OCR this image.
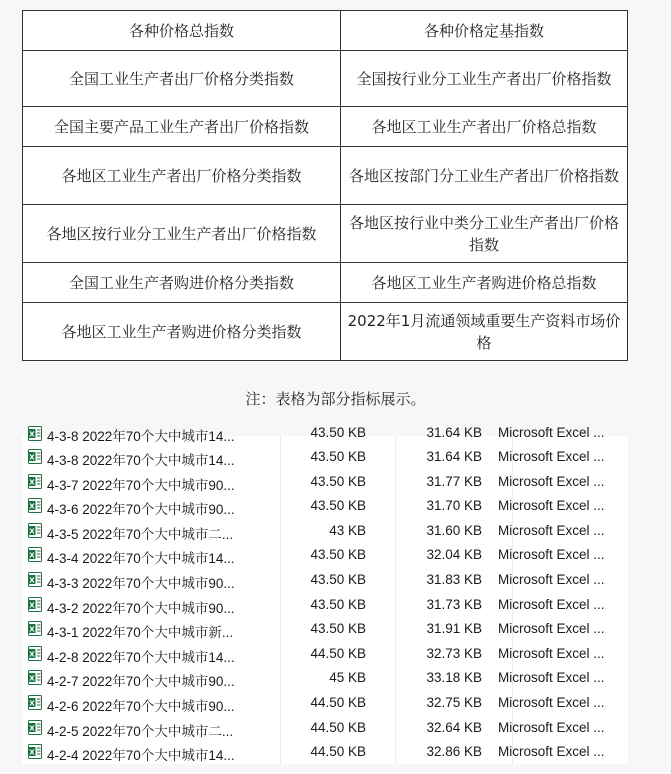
各种价格总指数	各种价格定基指数
全国工业生产者出厂价格分类指数	全国按行业分工业生产者出厂价格指数
全国主要产品工业生产者出厂价格指数	各地区工业生产者出厂价格总指数
各地区工业生产者出厂价格分类指数	各地区按部门分工业生产者出厂价格指数
各地区按行业分工业生产者出厂价格指数	各地区按行业中类分工业生产者出厂价格指数
全国工业生产者购进价格分类指数	各地区工业生产者购进价格总指数
各地区工业生产者购进价格分类指数	2022年1月流通领域重要生产资料市场价格
注：表格为部分指标展示。
X 4-3-8 2022年70个大中城市14...	43.50 KB	31.64 KB Microsoft Excel ...
X 4-3-8 2022年70个大中城市14...	43.50 KB	31.64 KB Microsoft Excel ...
X 4-3-7 2022年70个大中城市90...	43.50 KB	31.77 KB Microsoft Excel ...
X 4-3-6 2022年70个大中城市90...	43.50 KB	31.70 KB Microsoft Excel ...
X 4-3-5 2022年70个大中城市二...	43 KB	31.60 KB Microsoft Excel ...
X 4-3-4 2022年70个大中城市14...	43.50 KB	32.04 KB Microsoft Excel ...
X 4-3-3 2022年70个大中城市90...	43.50 KB	31.83 KB Microsoft Excel ...
X 4-3-2 2022年70个大中城市90...	43.50 KB	31.73 KB Microsoft Excel ...
X 4-3-1 2022年70个大中城市新...	43.50 KB	31.91 KB Microsoft Excel ...
X 4-2-8 2022年70个大中城市14...	44.50 KB	32.73 KB Microsoft Excel ...
X 4-2-7 2022年70个大中城市90...	45 KB	33.18 KB Microsoft Excel ...
X 4-2-6 2022年70个大中城市90...	44.50 KB	32.75 KB Microsoft Excel ...
X 4-2-5 2022年70个大中城市二...	44.50 KB	32.64 KB Microsoft Excel ...
X 4-2-4 2022年70个大中城市14...	44.50 KB	32.86 KB Microsoft Excel ...
